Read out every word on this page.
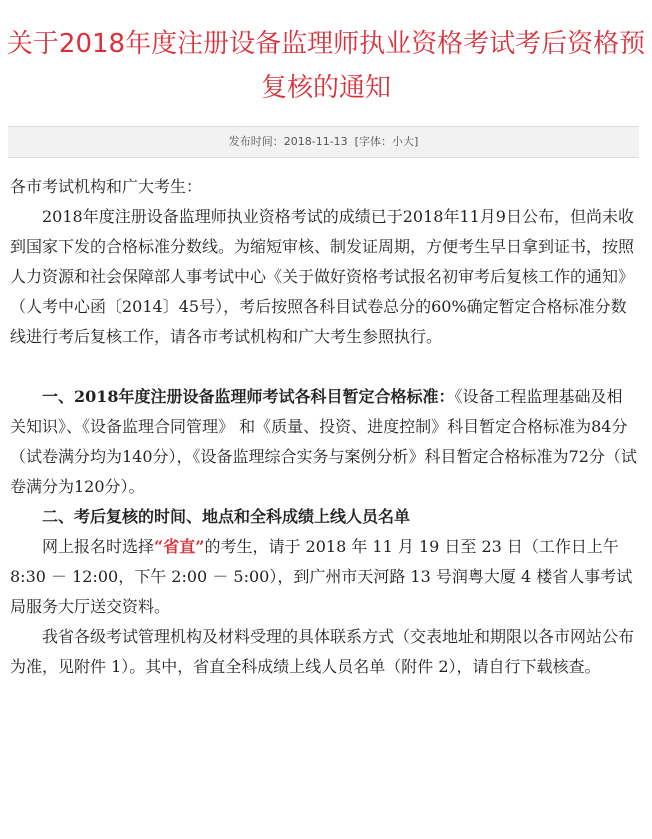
关于2018年度注册设备监理师执业资格考试考后资格预复核的通知
发布时间：2018-11-13 [字体：小大]

各市考试机构和广大考生：

2018年度注册设备监理师执业资格考试的成绩已于2018年11月9日公布，但尚未收到国家下发的合格标准分数线。为缩短审核、制发证周期，方便考生早日拿到证书，按照人力资源和社会保障部人事考试中心《关于做好资格考试报名初审考后复核工作的通知》（人考中心函〔2014〕45号），考后按照各科目试卷总分的60%确定暂定合格标准分数线进行考后复核工作，请各市考试机构和广大考生参照执行。

一、2018年度注册设备监理师考试各科目暂定合格标准：《设备工程监理基础及相关知识》、《设备监理合同管理》 和《质量、投资、进度控制》科目暂定合格标准为84分（试卷满分均为140分），《设备监理综合实务与案例分析》科目暂定合格标准为72分（试卷满分为120分）。

二、考后复核的时间、地点和全科成绩上线人员名单

网上报名时选择“省直”的考生，请于 2018 年 11 月 19 日至 23 日（工作日上午 8:30 － 12:00，下午 2:00 － 5:00），到广州市天河路 13 号润粤大厦 4 楼省人事考试局服务大厅送交资料。

我省各级考试管理机构及材料受理的具体联系方式（交表地址和期限以各市网站公布为准，见附件 1）。其中，省直全科成绩上线人员名单（附件 2），请自行下载核查。
